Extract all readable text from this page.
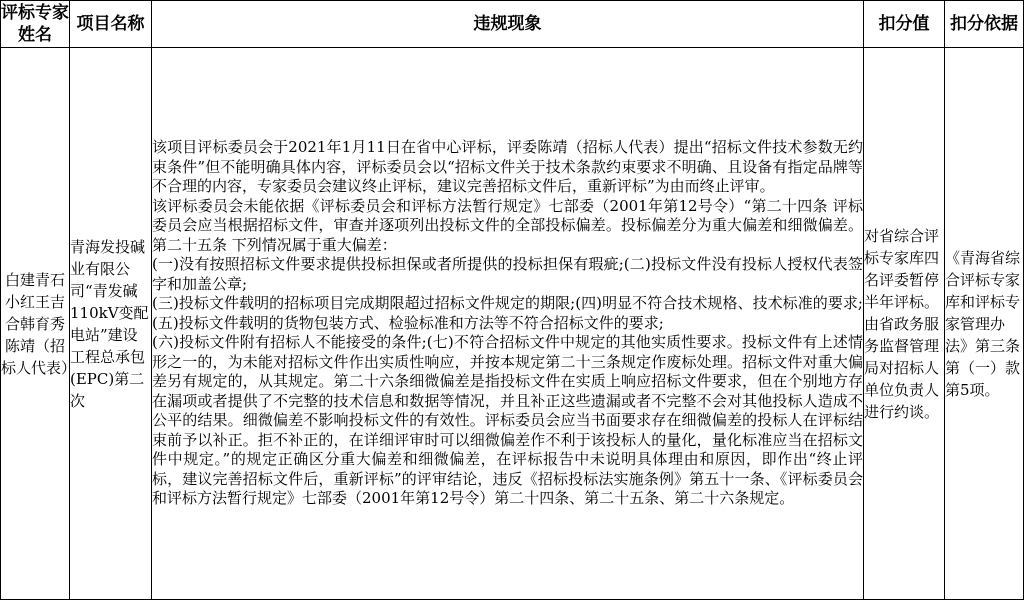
评标专家姓名	项目名称	违规现象	扣分值	扣分依据
白建青石小红王吉合韩育秀陈靖（招标人代表）	青海发投碱业有限公司“青发碱110kV变配电站”建设工程总承包(EPC)第二次	该项目评标委员会于2021年1月11日在省中心评标，评委陈靖（招标人代表）提出“招标文件技术参数无约束条件”但不能明确具体内容，评标委员会以“招标文件关于技术条款约束要求不明确、且设备有指定品牌等不合理的内容，专家委员会建议终止评标，建议完善招标文件后，重新评标”为由而终止评审。

该评标委员会未能依据《评标委员会和评标方法暂行规定》七部委（2001年第12号令）“第二十四条 评标委员会应当根据招标文件，审查并逐项列出投标文件的全部投标偏差。投标偏差分为重大偏差和细微偏差。第二十五条 下列情况属于重大偏差：

(一)没有按照招标文件要求提供投标担保或者所提供的投标担保有瑕疵;(二)投标文件没有投标人授权代表签字和加盖公章;

(三)投标文件载明的招标项目完成期限超过招标文件规定的期限;(四)明显不符合技术规格、技术标准的要求;(五)投标文件载明的货物包装方式、检验标准和方法等不符合招标文件的要求;

(六)投标文件附有招标人不能接受的条件;(七)不符合招标文件中规定的其他实质性要求。投标文件有上述情形之一的，为未能对招标文件作出实质性响应，并按本规定第二十三条规定作废标处理。招标文件对重大偏差另有规定的，从其规定。第二十六条细微偏差是指投标文件在实质上响应招标文件要求，但在个别地方存在漏项或者提供了不完整的技术信息和数据等情况，并且补正这些遗漏或者不完整不会对其他投标人造成不公平的结果。细微偏差不影响投标文件的有效性。评标委员会应当书面要求存在细微偏差的投标人在评标结束前予以补正。拒不补正的，在详细评审时可以细微偏差作不利于该投标人的量化，量化标准应当在招标文件中规定。”的规定正确区分重大偏差和细微偏差，在评标报告中未说明具体理由和原因，即作出“终止评标，建议完善招标文件后，重新评标”的评审结论，违反《招标投标法实施条例》第五十一条、《评标委员会和评标方法暂行规定》七部委（2001年第12号令）第二十四条、第二十五条、第二十六条规定。	对省综合评标专家库四名评委暂停半年评标。由省政务服务监督管理局对招标人单位负责人进行约谈。	《青海省综合评标专家库和评标专家管理办法》第三条第（一）款第5项。
